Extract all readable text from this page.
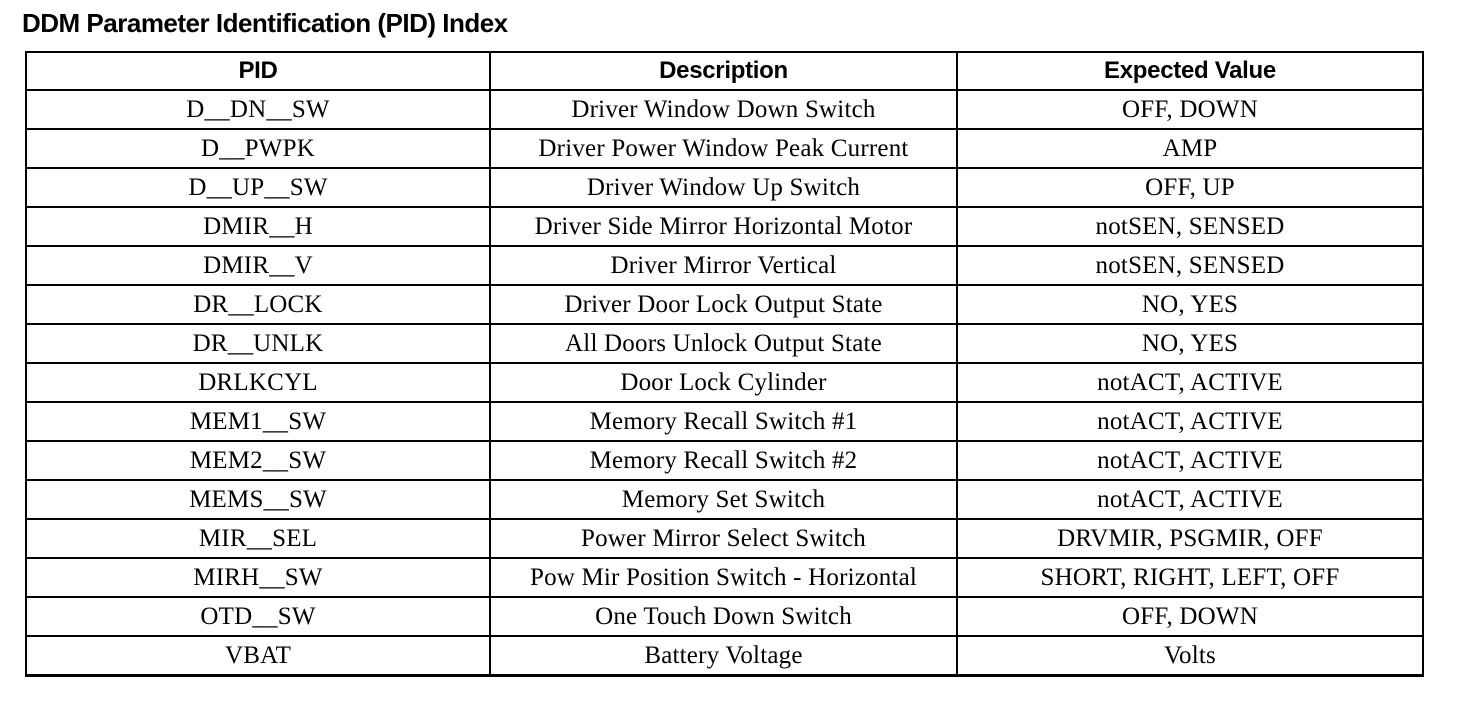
DDM Parameter Identification (PID) Index
PID	Description	Expected Value
D__DN__SW	Driver Window Down Switch	OFF, DOWN
D__PWPK	Driver Power Window Peak Current	AMP
D__UP__SW	Driver Window Up Switch	OFF, UP
DMIR__H	Driver Side Mirror Horizontal Motor	notSEN, SENSED
DMIR__V	Driver Mirror Vertical	notSEN, SENSED
DR__LOCK	Driver Door Lock Output State	NO, YES
DR__UNLK	All Doors Unlock Output State	NO, YES
DRLKCYL	Door Lock Cylinder	notACT, ACTIVE
MEM1__SW	Memory Recall Switch #1	notACT, ACTIVE
MEM2__SW	Memory Recall Switch #2	notACT, ACTIVE
MEMS__SW	Memory Set Switch	notACT, ACTIVE
MIR__SEL	Power Mirror Select Switch	DRVMIR, PSGMIR, OFF
MIRH__SW	Pow Mir Position Switch - Horizontal	SHORT, RIGHT, LEFT, OFF
OTD__SW	One Touch Down Switch	OFF, DOWN
VBAT	Battery Voltage	Volts
